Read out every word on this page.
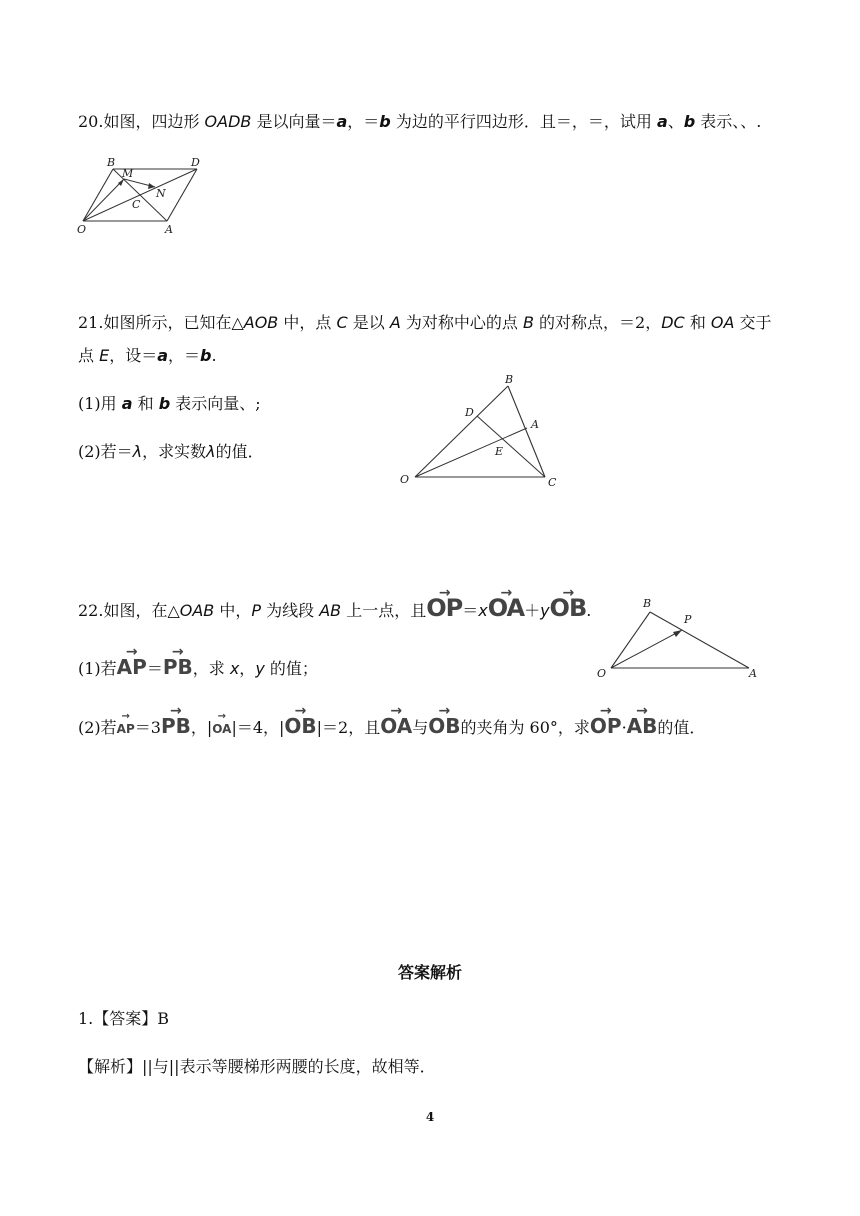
20.如图，四边形 OADB 是以向量＝a，＝b 为边的平行四边形．且＝，＝，试用 a、b 表示、、.
B	D
M
N
C
O	A
21.如图所示，已知在△AOB 中，点 C 是以 A 为对称中心的点 B 的对称点，＝2，DC 和 OA 交于
点 E，设＝a，＝b.
(1)用 a 和 b 表示向量、;
(2)若＝λ，求实数λ的值．
B
D
A
E
O	C
22.如图，在△OAB 中，P 为线段 AB 上一点，且→ OP＝x→ OA＋y→ OB.
(1)若→ AP＝→ PB，求 x，y 的值；
(2)若→ AP＝3→ PB，|→ OA|＝4，|→ OB|＝2，且→ OA与→ OB的夹角为 60°，求→ OP·→ AB的值．
B
P
O	A
答案解析
1.【答案】B
【解析】||与||表示等腰梯形两腰的长度，故相等．
4
